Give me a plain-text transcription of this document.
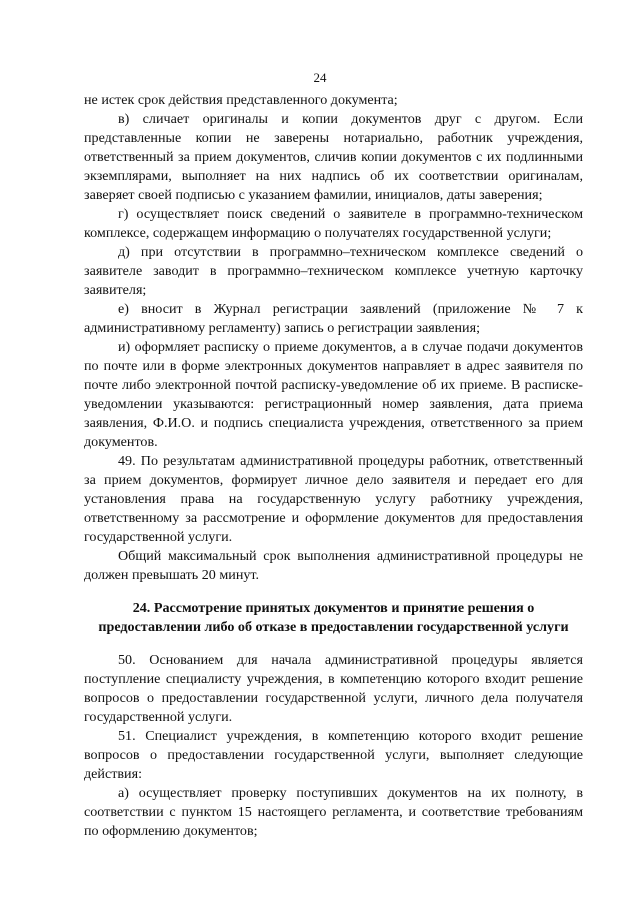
24

не истек срок действия представленного документа;

в) сличает оригиналы и копии документов друг с другом. Если представленные копии не заверены нотариально, работник учреждения, ответственный за прием документов, сличив копии документов с их подлинными экземплярами, выполняет на них надпись об их соответствии оригиналам, заверяет своей подписью с указанием фамилии, инициалов, даты заверения;

г) осуществляет поиск сведений о заявителе в программно-техническом комплексе, содержащем информацию о получателях государственной услуги;

д) при отсутствии в программно–техническом комплексе сведений о заявителе заводит в программно–техническом комплексе учетную карточку заявителя;

е) вносит в Журнал регистрации заявлений (приложение № 7 к административному регламенту) запись о регистрации заявления;

и) оформляет расписку о приеме документов, а в случае подачи документов по почте или в форме электронных документов направляет в адрес заявителя по почте либо электронной почтой расписку-уведомление об их приеме. В расписке-уведомлении указываются: регистрационный номер заявления, дата приема заявления, Ф.И.О. и подпись специалиста учреждения, ответственного за прием документов.

49. По результатам административной процедуры работник, ответственный за прием документов, формирует личное дело заявителя и передает его для установления права на государственную услугу работнику учреждения, ответственному за рассмотрение и оформление документов для предоставления государственной услуги.

Общий максимальный срок выполнения административной процедуры не должен превышать 20 минут.

24. Рассмотрение принятых документов и принятие решения о предоставлении либо об отказе в предоставлении государственной услуги

50. Основанием для начала административной процедуры является поступление специалисту учреждения, в компетенцию которого входит решение вопросов о предоставлении государственной услуги, личного дела получателя государственной услуги.

51. Специалист учреждения, в компетенцию которого входит решение вопросов о предоставлении государственной услуги, выполняет следующие действия:

а) осуществляет проверку поступивших документов на их полноту, в соответствии с пунктом 15 настоящего регламента, и соответствие требованиям по оформлению документов;
